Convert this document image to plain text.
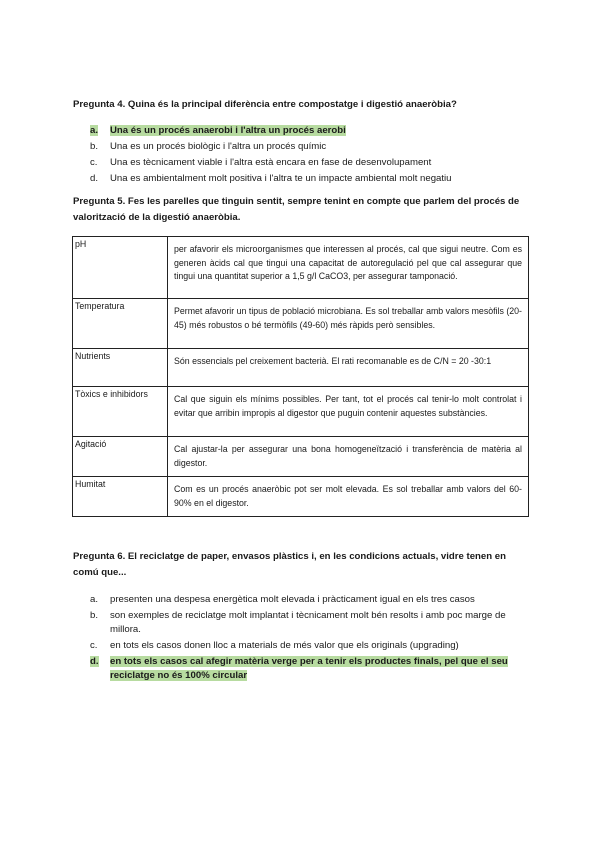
Pregunta 4. Quina és la principal diferència entre compostatge i digestió anaeròbia?
a.	Una és un procés anaerobi i l'altra un procés aerobi
b.	Una es un procés biològic i l'altra un procés químic
c.	Una es tècnicament viable i l'altra està encara en fase de desenvolupament
d.	Una es ambientalment molt positiva i l'altra te un impacte ambiental molt negatiu
Pregunta 5. Fes les parelles que tinguin sentit, sempre tenint en compte que parlem del procés de valorització de la digestió anaeròbia.
pH	per afavorir els microorganismes que interessen al procés, cal que sigui neutre. Com es generen àcids cal que tingui una capacitat de autoregulació pel que cal assegurar que tingui una quantitat superior a 1,5 g/l CaCO3, per assegurar tamponació.
Temperatura	Permet afavorir un tipus de població microbiana. Es sol treballar amb valors mesòfils (20-45) més robustos o bé termòfils (49-60) més ràpids però sensibles.
Nutrients	Són essencials pel creixement bacterià. El rati recomanable es de C/N = 20 -30:1
Tòxics e inhibidors	Cal que siguin els mínims possibles. Per tant, tot el procés cal tenir-lo molt controlat i evitar que arribin impropis al digestor que puguin contenir aquestes substàncies.
Agitació	Cal ajustar-la per assegurar una bona homogeneïtzació i transferència de matèria al digestor.
Humitat	Com es un procés anaeròbic pot ser molt elevada. Es sol treballar amb valors del 60-90% en el digestor.
Pregunta 6. El reciclatge de paper, envasos plàstics i, en les condicions actuals, vidre tenen en comú que...
a.	presenten una despesa energètica molt elevada i pràcticament igual en els tres casos
b.	son exemples de reciclatge molt implantat i tècnicament molt bén resolts i amb poc marge de millora.
c.	en tots els casos donen lloc a materials de més valor que els originals (upgrading)
d.	en tots els casos cal afegir matèria verge per a tenir els productes finals, pel que el seu reciclatge no és 100% circular
